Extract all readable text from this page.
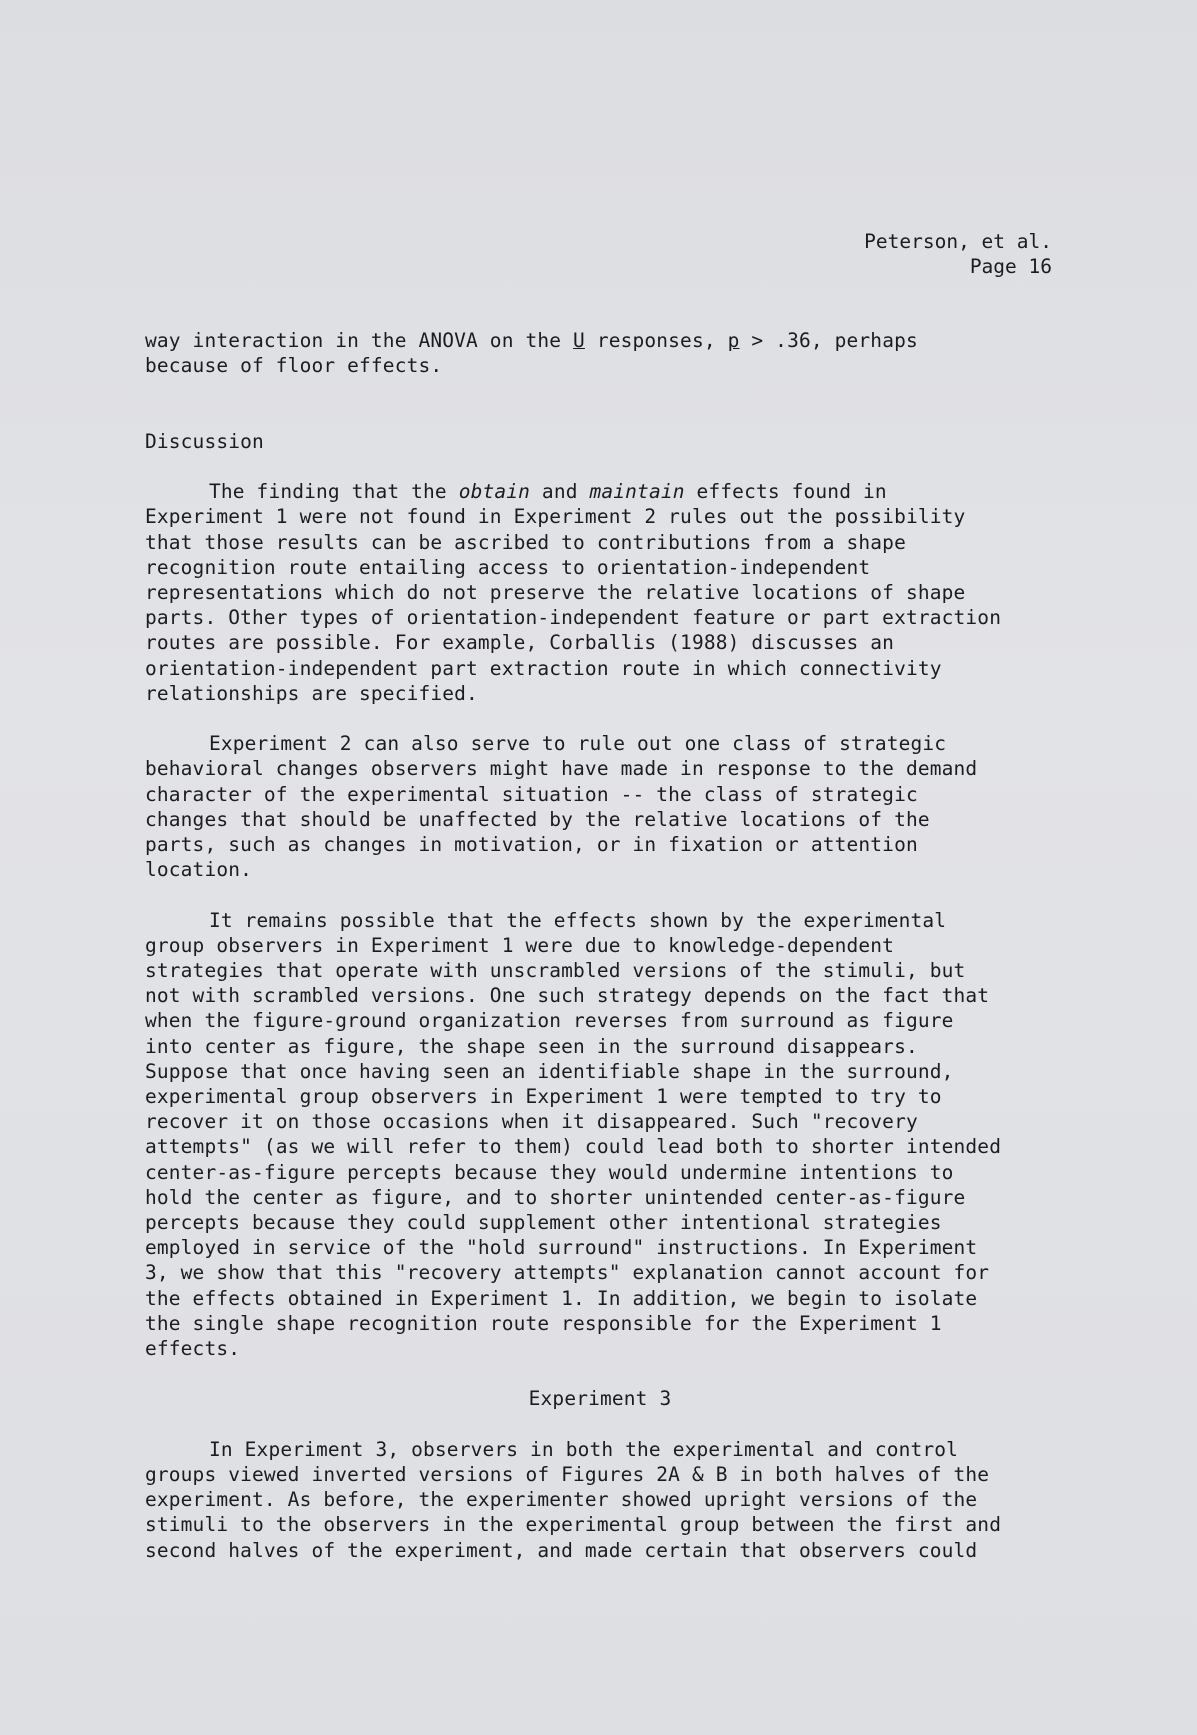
Peterson, et al.
Page 16
way interaction in the ANOVA on the U responses, p > .36, perhaps
because of floor effects.
Discussion
The finding that the obtain and maintain effects found in
Experiment 1 were not found in Experiment 2 rules out the possibility
that those results can be ascribed to contributions from a shape
recognition route entailing access to orientation-independent
representations which do not preserve the relative locations of shape
parts. Other types of orientation-independent feature or part extraction
routes are possible. For example, Corballis (1988) discusses an
orientation-independent part extraction route in which connectivity
relationships are specified.
Experiment 2 can also serve to rule out one class of strategic
behavioral changes observers might have made in response to the demand
character of the experimental situation -- the class of strategic
changes that should be unaffected by the relative locations of the
parts, such as changes in motivation, or in fixation or attention
location.
It remains possible that the effects shown by the experimental
group observers in Experiment 1 were due to knowledge-dependent
strategies that operate with unscrambled versions of the stimuli, but
not with scrambled versions. One such strategy depends on the fact that
when the figure-ground organization reverses from surround as figure
into center as figure, the shape seen in the surround disappears.
Suppose that once having seen an identifiable shape in the surround,
experimental group observers in Experiment 1 were tempted to try to
recover it on those occasions when it disappeared. Such "recovery
attempts" (as we will refer to them) could lead both to shorter intended
center-as-figure percepts because they would undermine intentions to
hold the center as figure, and to shorter unintended center-as-figure
percepts because they could supplement other intentional strategies
employed in service of the "hold surround" instructions. In Experiment
3, we show that this "recovery attempts" explanation cannot account for
the effects obtained in Experiment 1. In addition, we begin to isolate
the single shape recognition route responsible for the Experiment 1
effects.
Experiment 3
In Experiment 3, observers in both the experimental and control
groups viewed inverted versions of Figures 2A & B in both halves of the
experiment. As before, the experimenter showed upright versions of the
stimuli to the observers in the experimental group between the first and
second halves of the experiment, and made certain that observers could
